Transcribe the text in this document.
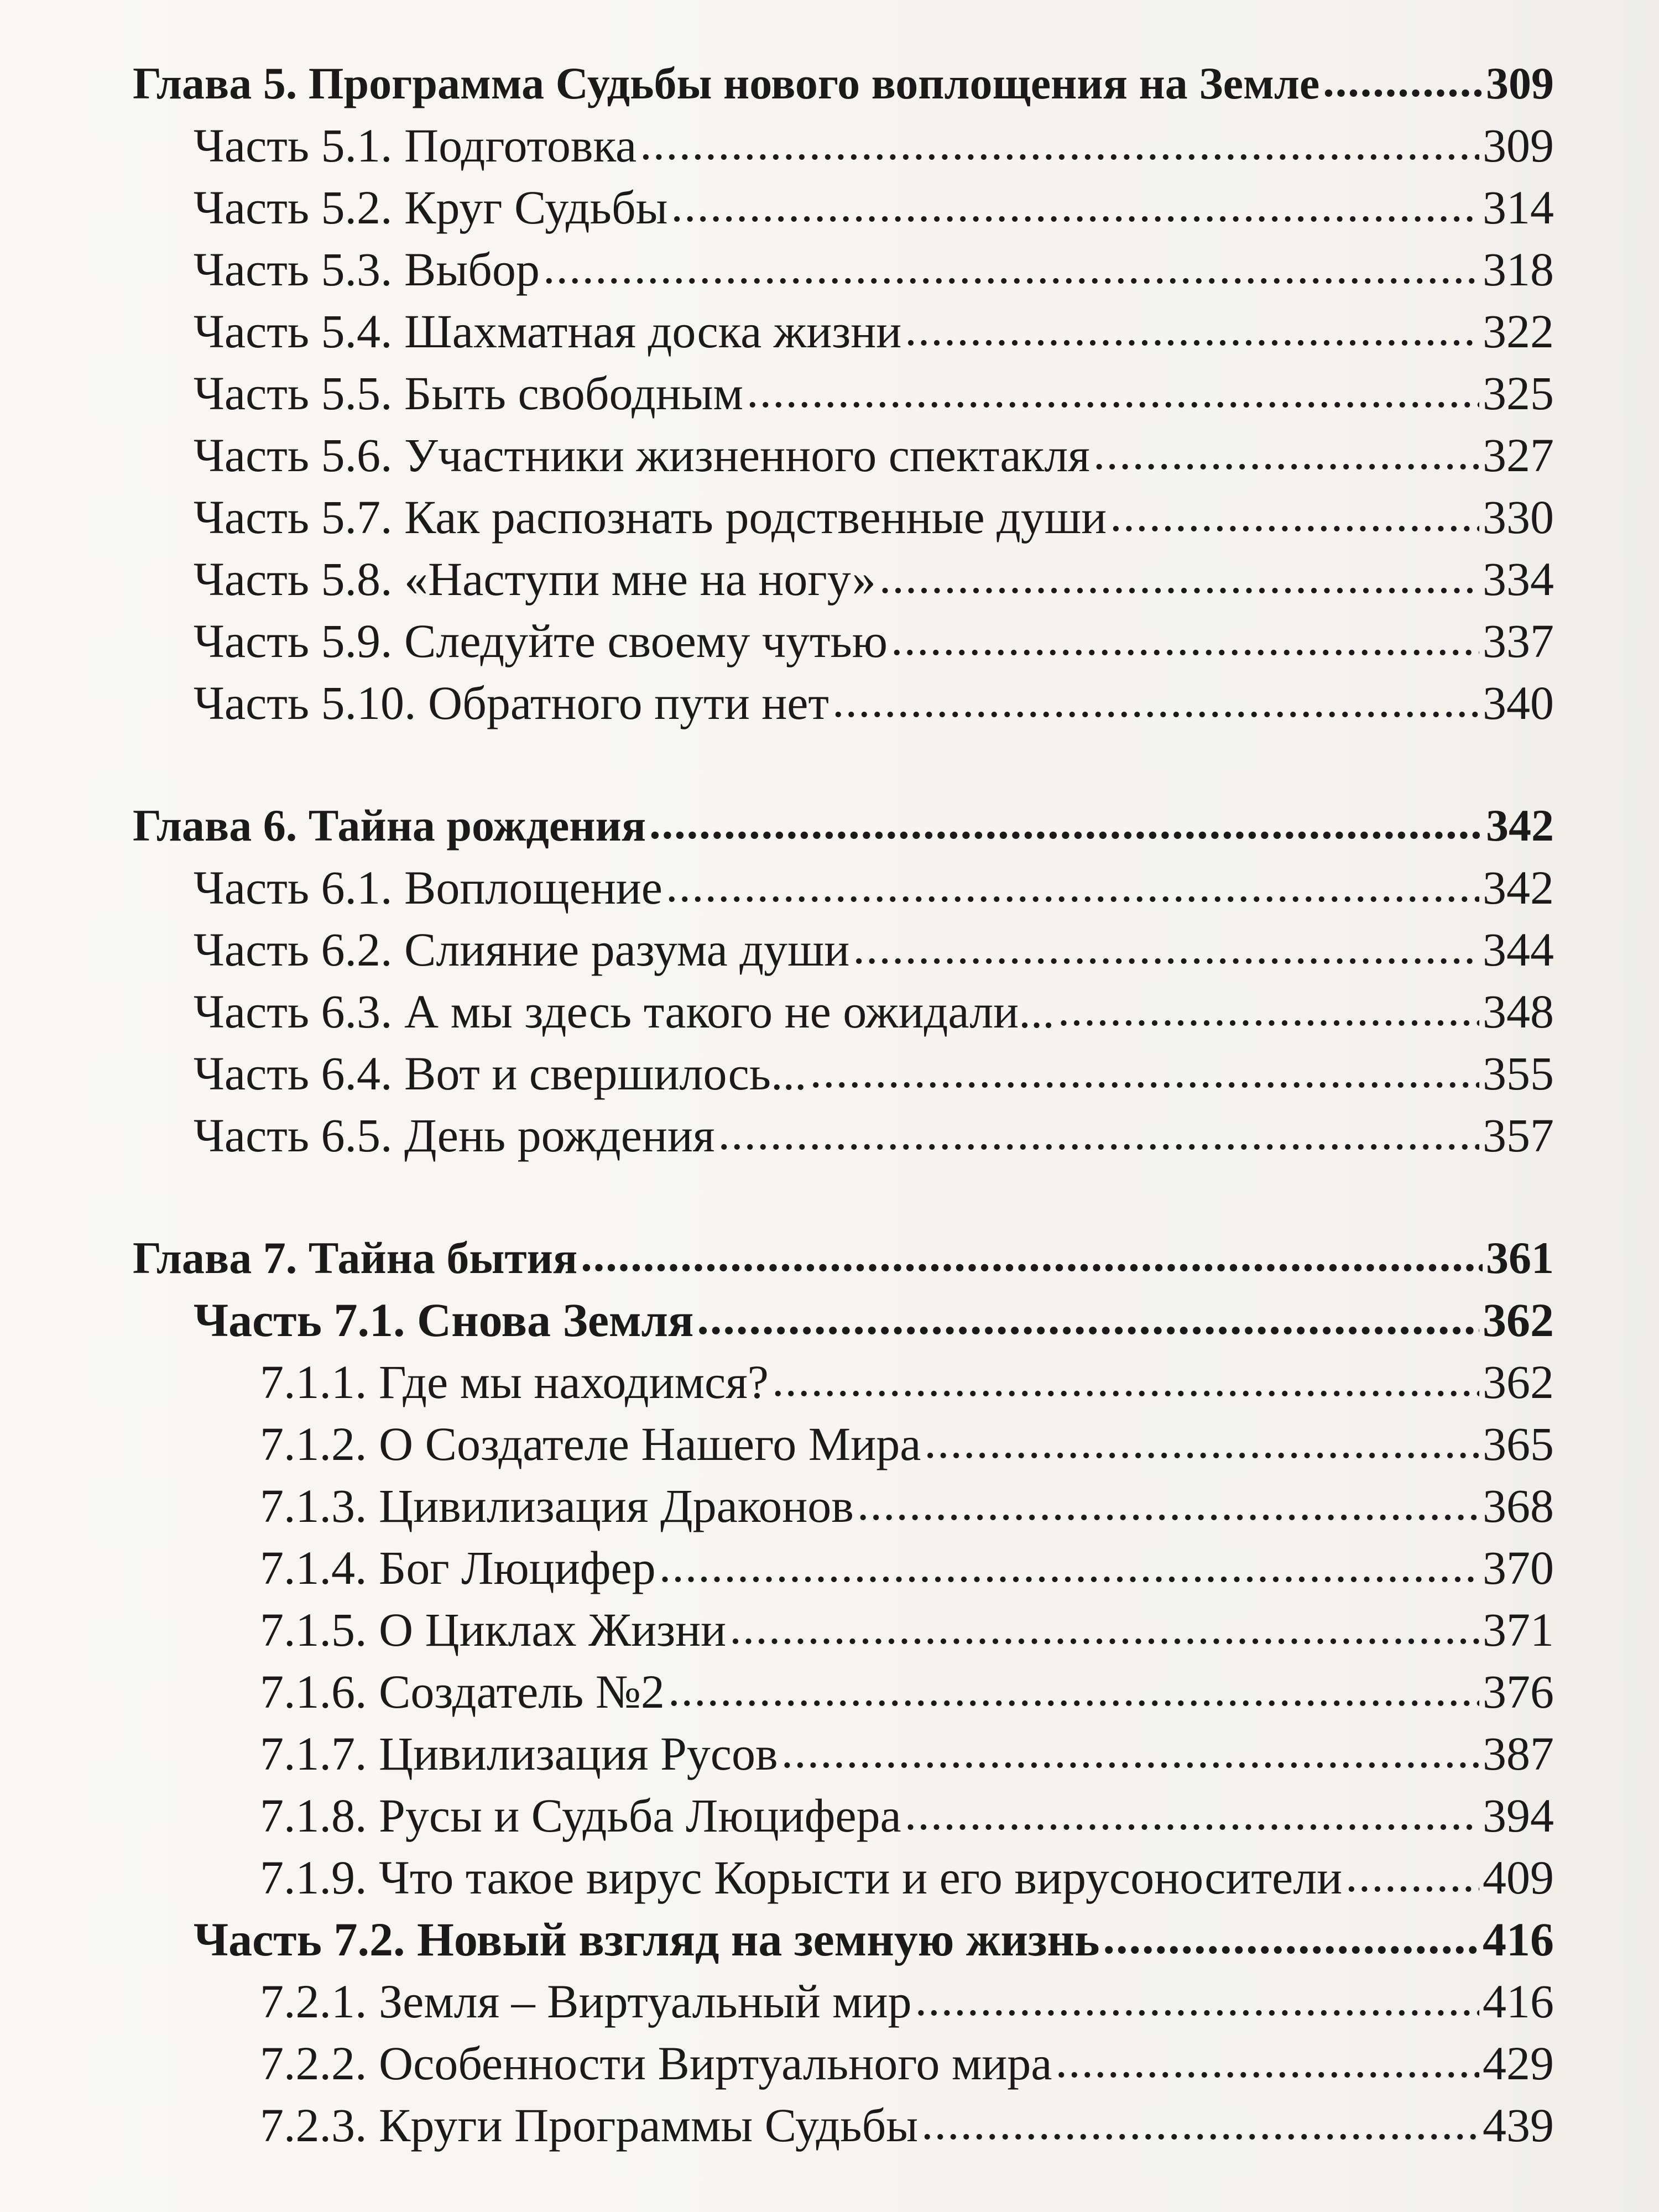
Глава 5. Программа Судьбы нового воплощения на Земле .....	309
Часть 5.1. Подготовка .....	309
Часть 5.2. Круг Судьбы .....	314
Часть 5.3. Выбор .....	318
Часть 5.4. Шахматная доска жизни .....	322
Часть 5.5. Быть свободным .....	325
Часть 5.6. Участники жизненного спектакля .....	327
Часть 5.7. Как распознать родственные души .....	330
Часть 5.8. «Наступи мне на ногу» .....	334
Часть 5.9. Следуйте своему чутью .....	337
Часть 5.10. Обратного пути нет .....	340
Глава 6. Тайна рождения .....	342
Часть 6.1. Воплощение .....	342
Часть 6.2. Слияние разума души .....	344
Часть 6.3. А мы здесь такого не ожидали... .....	348
Часть 6.4. Вот и свершилось... .....	355
Часть 6.5. День рождения .....	357
Глава 7. Тайна бытия .....	361
Часть 7.1. Снова Земля .....	362
7.1.1. Где мы находимся? .....	362
7.1.2. О Создателе Нашего Мира .....	365
7.1.3. Цивилизация Драконов .....	368
7.1.4. Бог Люцифер .....	370
7.1.5. О Циклах Жизни .....	371
7.1.6. Создатель №2 .....	376
7.1.7. Цивилизация Русов .....	387
7.1.8. Русы и Судьба Люцифера .....	394
7.1.9. Что такое вирус Корысти и его вирусоносители .....	409
Часть 7.2. Новый взгляд на земную жизнь .....	416
7.2.1. Земля – Виртуальный мир .....	416
7.2.2. Особенности Виртуального мира .....	429
7.2.3. Круги Программы Судьбы .....	439
